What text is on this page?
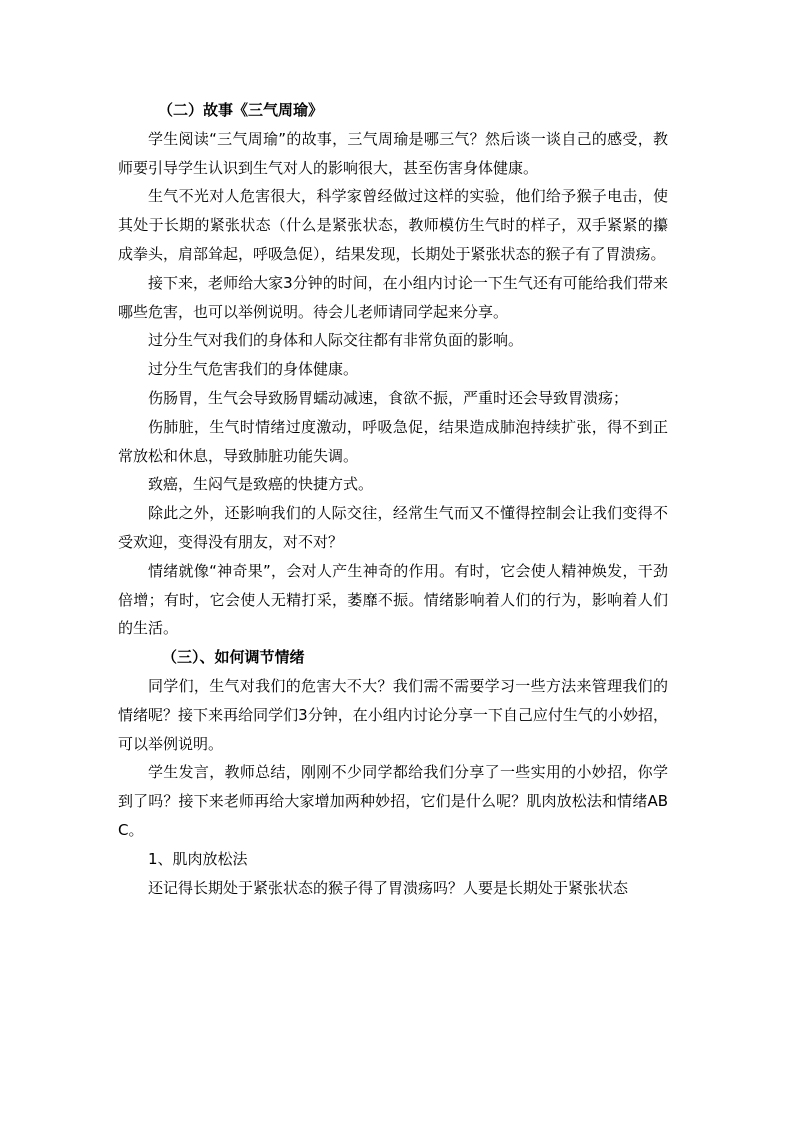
（二）故事《三气周瑜》

学生阅读“三气周瑜”的故事，三气周瑜是哪三气？然后谈一谈自己的感受，教师要引导学生认识到生气对人的影响很大，甚至伤害身体健康。

生气不光对人危害很大，科学家曾经做过这样的实验，他们给予猴子电击，使其处于长期的紧张状态（什么是紧张状态，教师模仿生气时的样子，双手紧紧的攥成拳头，肩部耸起，呼吸急促），结果发现，长期处于紧张状态的猴子有了胃溃疡。

接下来，老师给大家3分钟的时间，在小组内讨论一下生气还有可能给我们带来哪些危害，也可以举例说明。待会儿老师请同学起来分享。

过分生气对我们的身体和人际交往都有非常负面的影响。

过分生气危害我们的身体健康。

伤肠胃，生气会导致肠胃蠕动减速，食欲不振，严重时还会导致胃溃疡；

伤肺脏，生气时情绪过度激动，呼吸急促，结果造成肺泡持续扩张，得不到正常放松和休息，导致肺脏功能失调。

致癌，生闷气是致癌的快捷方式。

除此之外，还影响我们的人际交往，经常生气而又不懂得控制会让我们变得不受欢迎，变得没有朋友，对不对？

情绪就像“神奇果”，会对人产生神奇的作用。有时，它会使人精神焕发，干劲倍增；有时，它会使人无精打采，萎靡不振。情绪影响着人们的行为，影响着人们的生活。

（三）、如何调节情绪

同学们，生气对我们的危害大不大？我们需不需要学习一些方法来管理我们的情绪呢？接下来再给同学们3分钟，在小组内讨论分享一下自己应付生气的小妙招，可以举例说明。

学生发言，教师总结，刚刚不少同学都给我们分享了一些实用的小妙招，你学到了吗？接下来老师再给大家增加两种妙招，它们是什么呢？肌肉放松法和情绪ABC。

1、肌肉放松法

还记得长期处于紧张状态的猴子得了胃溃疡吗？人要是长期处于紧张状态
